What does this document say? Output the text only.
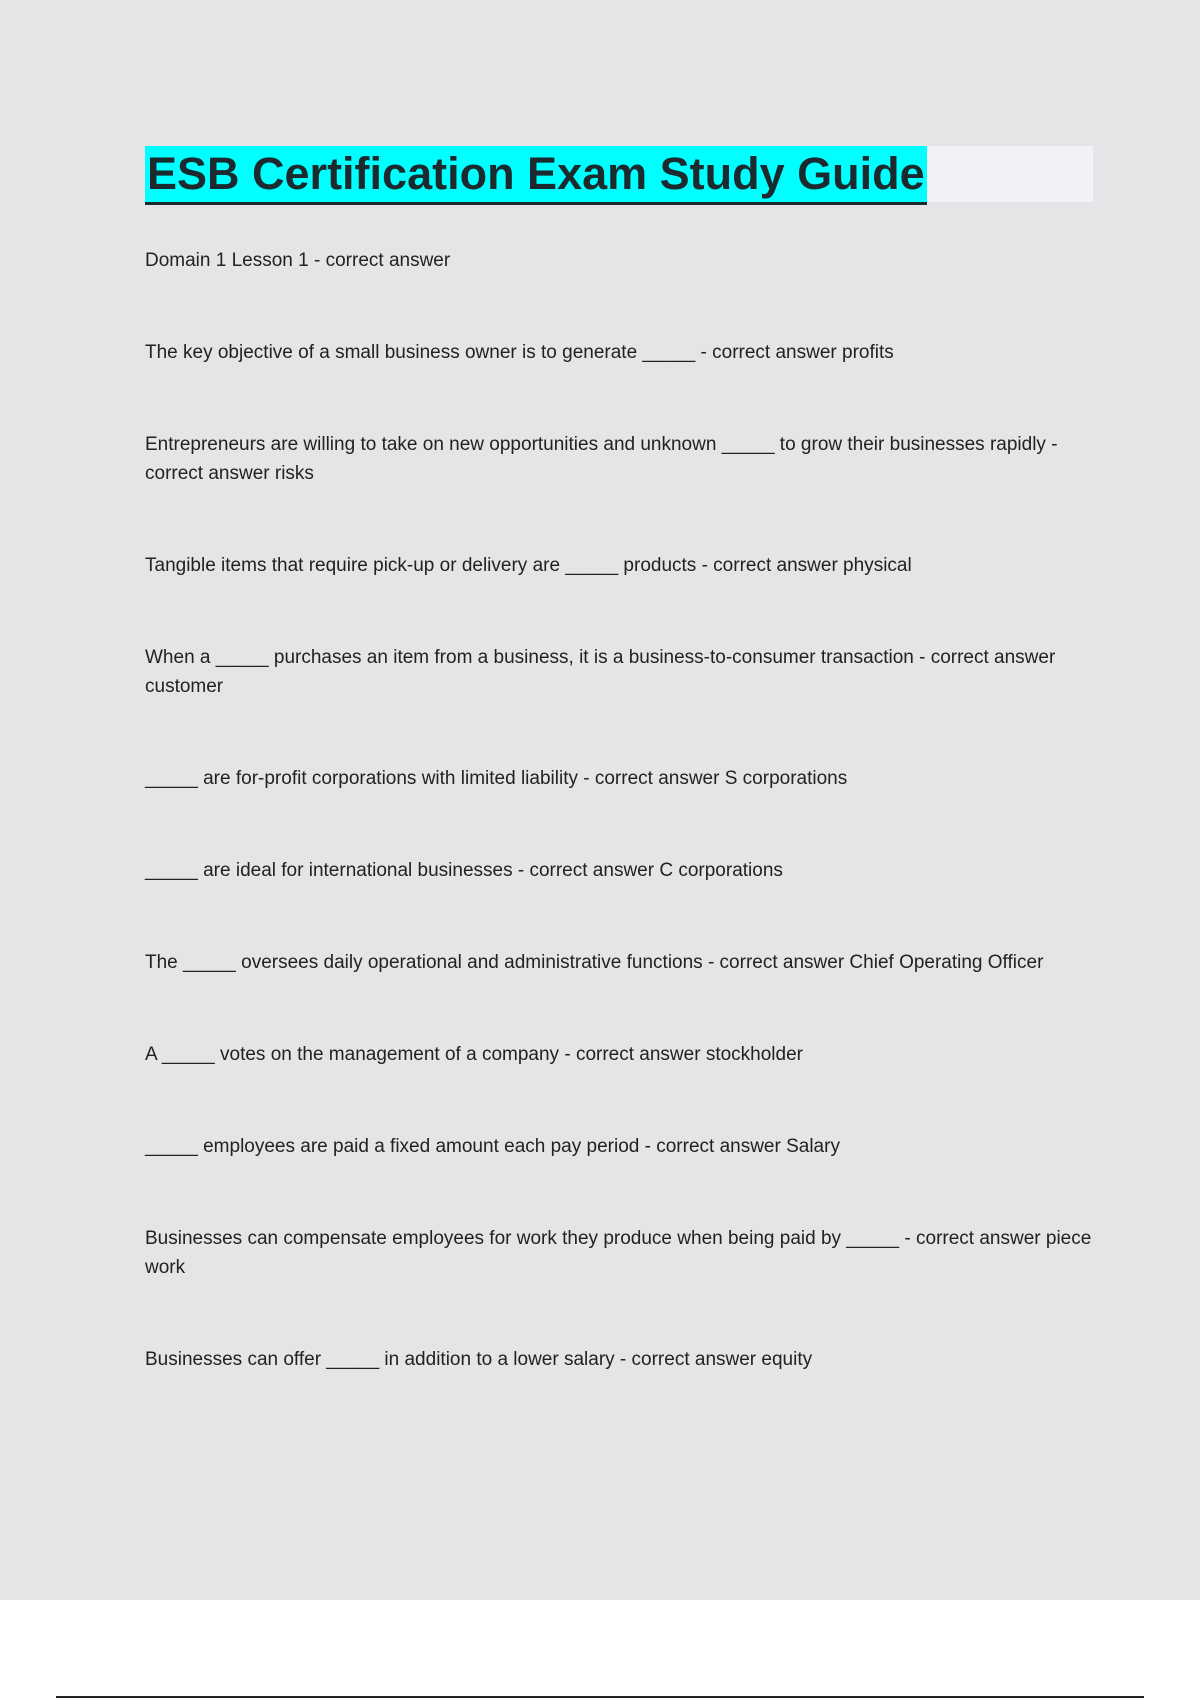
ESB Certification Exam Study Guide
Domain 1 Lesson 1 - correct answer
The key objective of a small business owner is to generate _____ - correct answer profits
Entrepreneurs are willing to take on new opportunities and unknown _____ to grow their businesses rapidly - correct answer risks
Tangible items that require pick-up or delivery are _____ products - correct answer physical
When a _____ purchases an item from a business, it is a business-to-consumer transaction - correct answer customer
_____ are for-profit corporations with limited liability - correct answer S corporations
_____ are ideal for international businesses - correct answer C corporations
The _____ oversees daily operational and administrative functions - correct answer Chief Operating Officer
A _____ votes on the management of a company - correct answer stockholder
_____ employees are paid a fixed amount each pay period - correct answer Salary
Businesses can compensate employees for work they produce when being paid by _____ - correct answer piece work
Businesses can offer _____ in addition to a lower salary - correct answer equity
